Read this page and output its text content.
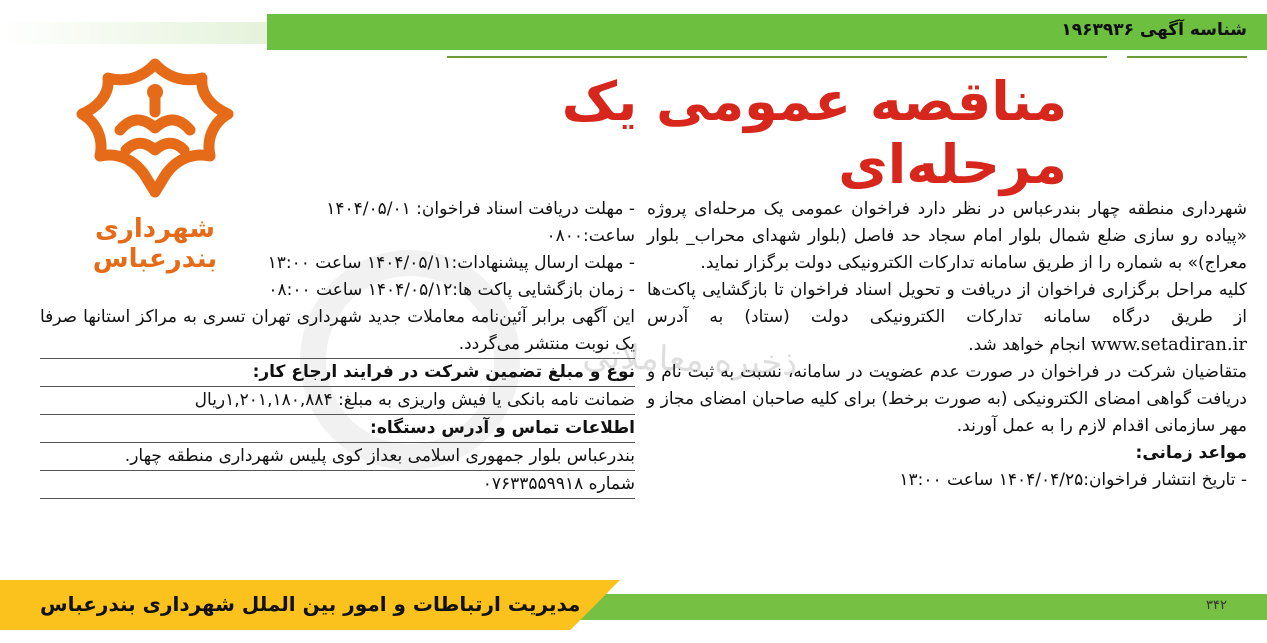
شناسه آگهی ۱۹۶۳۹۳۶
مناقصه عمومی یک مرحله‌ای
شهرداری بندرعباس
ذخیره معاملاتی

شهرداری منطقه چهار بندرعباس در نظر دارد فراخوان عمومی یک مرحله‌ای پروژه «پیاده رو سازی ضلع شمال بلوار امام سجاد حد فاصل (بلوار شهدای محراب_ بلوار معراج)» به شماره را از طریق سامانه تدارکات الکترونیکی دولت برگزار نماید.

کلیه مراحل برگزاری فراخوان از دریافت و تحویل اسناد فراخوان تا بازگشایی پاکت‌ها از طریق درگاه سامانه تدارکات الکترونیکی دولت (ستاد) به آدرس www.setadiran.ir انجام خواهد شد.

متقاضیان شرکت در فراخوان در صورت عدم عضویت در سامانه، نسبت به ثبت نام و دریافت گواهی امضای الکترونیکی (به صورت برخط) برای کلیه صاحبان امضای مجاز و مهر سازمانی اقدام لازم را به عمل آورند.

مواعد زمانی:

- تاریخ انتشار فراخوان:۱۴۰۴/۰۴/۲۵ ساعت ۱۳:۰۰

- مهلت دریافت اسناد فراخوان: ۱۴۰۴/۰۵/۰۱

ساعت:۰۸۰۰

- مهلت ارسال پیشنهادات:۱۴۰۴/۰۵/۱۱ ساعت ۱۳:۰۰

- زمان بازگشایی پاکت ها:۱۴۰۴/۰۵/۱۲ ساعت ۰۸:۰۰

این آگهی برابر آئین‌نامه معاملات جدید شهرداری تهران تسری به مراکز استانها صرفا یک نوبت منتشر می‌گردد.

نوع و مبلغ تضمین شرکت در فرایند ارجاع کار:

ضمانت نامه بانکی یا فیش واریزی به مبلغ: ۱,۲۰۱,۱۸۰,۸۸۴ریال

اطلاعات تماس و آدرس دستگاه:

بندرعباس بلوار جمهوری اسلامی بعداز کوی پلیس شهرداری منطقه چهار.

شماره ۰۷۶۳۳۵۵۹۹۱۸

مدیریت ارتباطات و امور بین الملل شهرداری بندرعباس	۳۴۲
